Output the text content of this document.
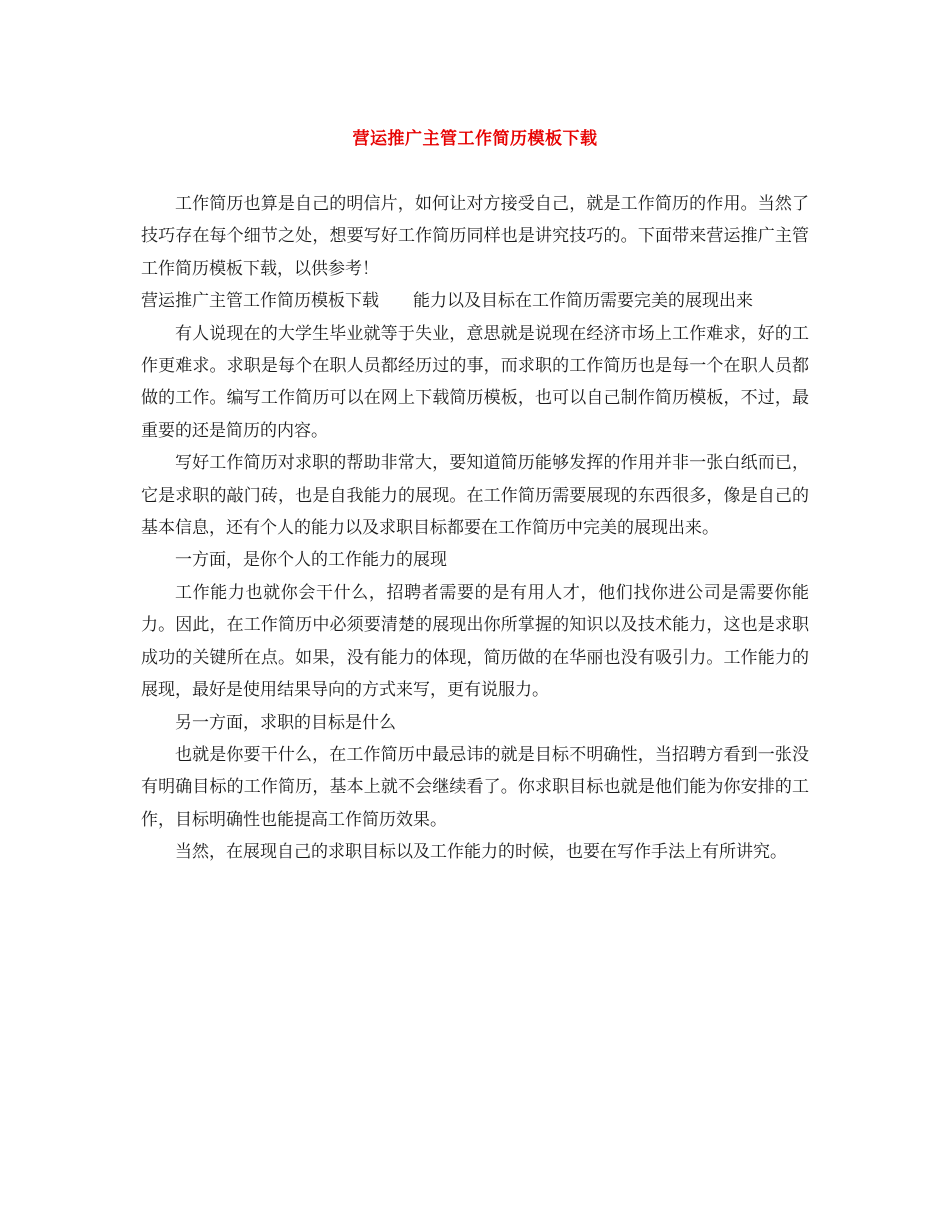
营运推广主管工作简历模板下载

工作简历也算是自己的明信片，如何让对方接受自己，就是工作简历的作用。当然了技巧存在每个细节之处，想要写好工作简历同样也是讲究技巧的。下面带来营运推广主管工作简历模板下载，以供参考！

营运推广主管工作简历模板下载　　能力以及目标在工作简历需要完美的展现出来

有人说现在的大学生毕业就等于失业，意思就是说现在经济市场上工作难求，好的工作更难求。求职是每个在职人员都经历过的事，而求职的工作简历也是每一个在职人员都做的工作。编写工作简历可以在网上下载简历模板，也可以自己制作简历模板，不过，最重要的还是简历的内容。

写好工作简历对求职的帮助非常大，要知道简历能够发挥的作用并非一张白纸而已，它是求职的敲门砖，也是自我能力的展现。在工作简历需要展现的东西很多，像是自己的基本信息，还有个人的能力以及求职目标都要在工作简历中完美的展现出来。

一方面，是你个人的工作能力的展现

工作能力也就你会干什么，招聘者需要的是有用人才，他们找你进公司是需要你能力。因此，在工作简历中必须要清楚的展现出你所掌握的知识以及技术能力，这也是求职成功的关键所在点。如果，没有能力的体现，简历做的在华丽也没有吸引力。工作能力的展现，最好是使用结果导向的方式来写，更有说服力。

另一方面，求职的目标是什么

也就是你要干什么，在工作简历中最忌讳的就是目标不明确性，当招聘方看到一张没有明确目标的工作简历，基本上就不会继续看了。你求职目标也就是他们能为你安排的工作，目标明确性也能提高工作简历效果。

当然，在展现自己的求职目标以及工作能力的时候，也要在写作手法上有所讲究。
